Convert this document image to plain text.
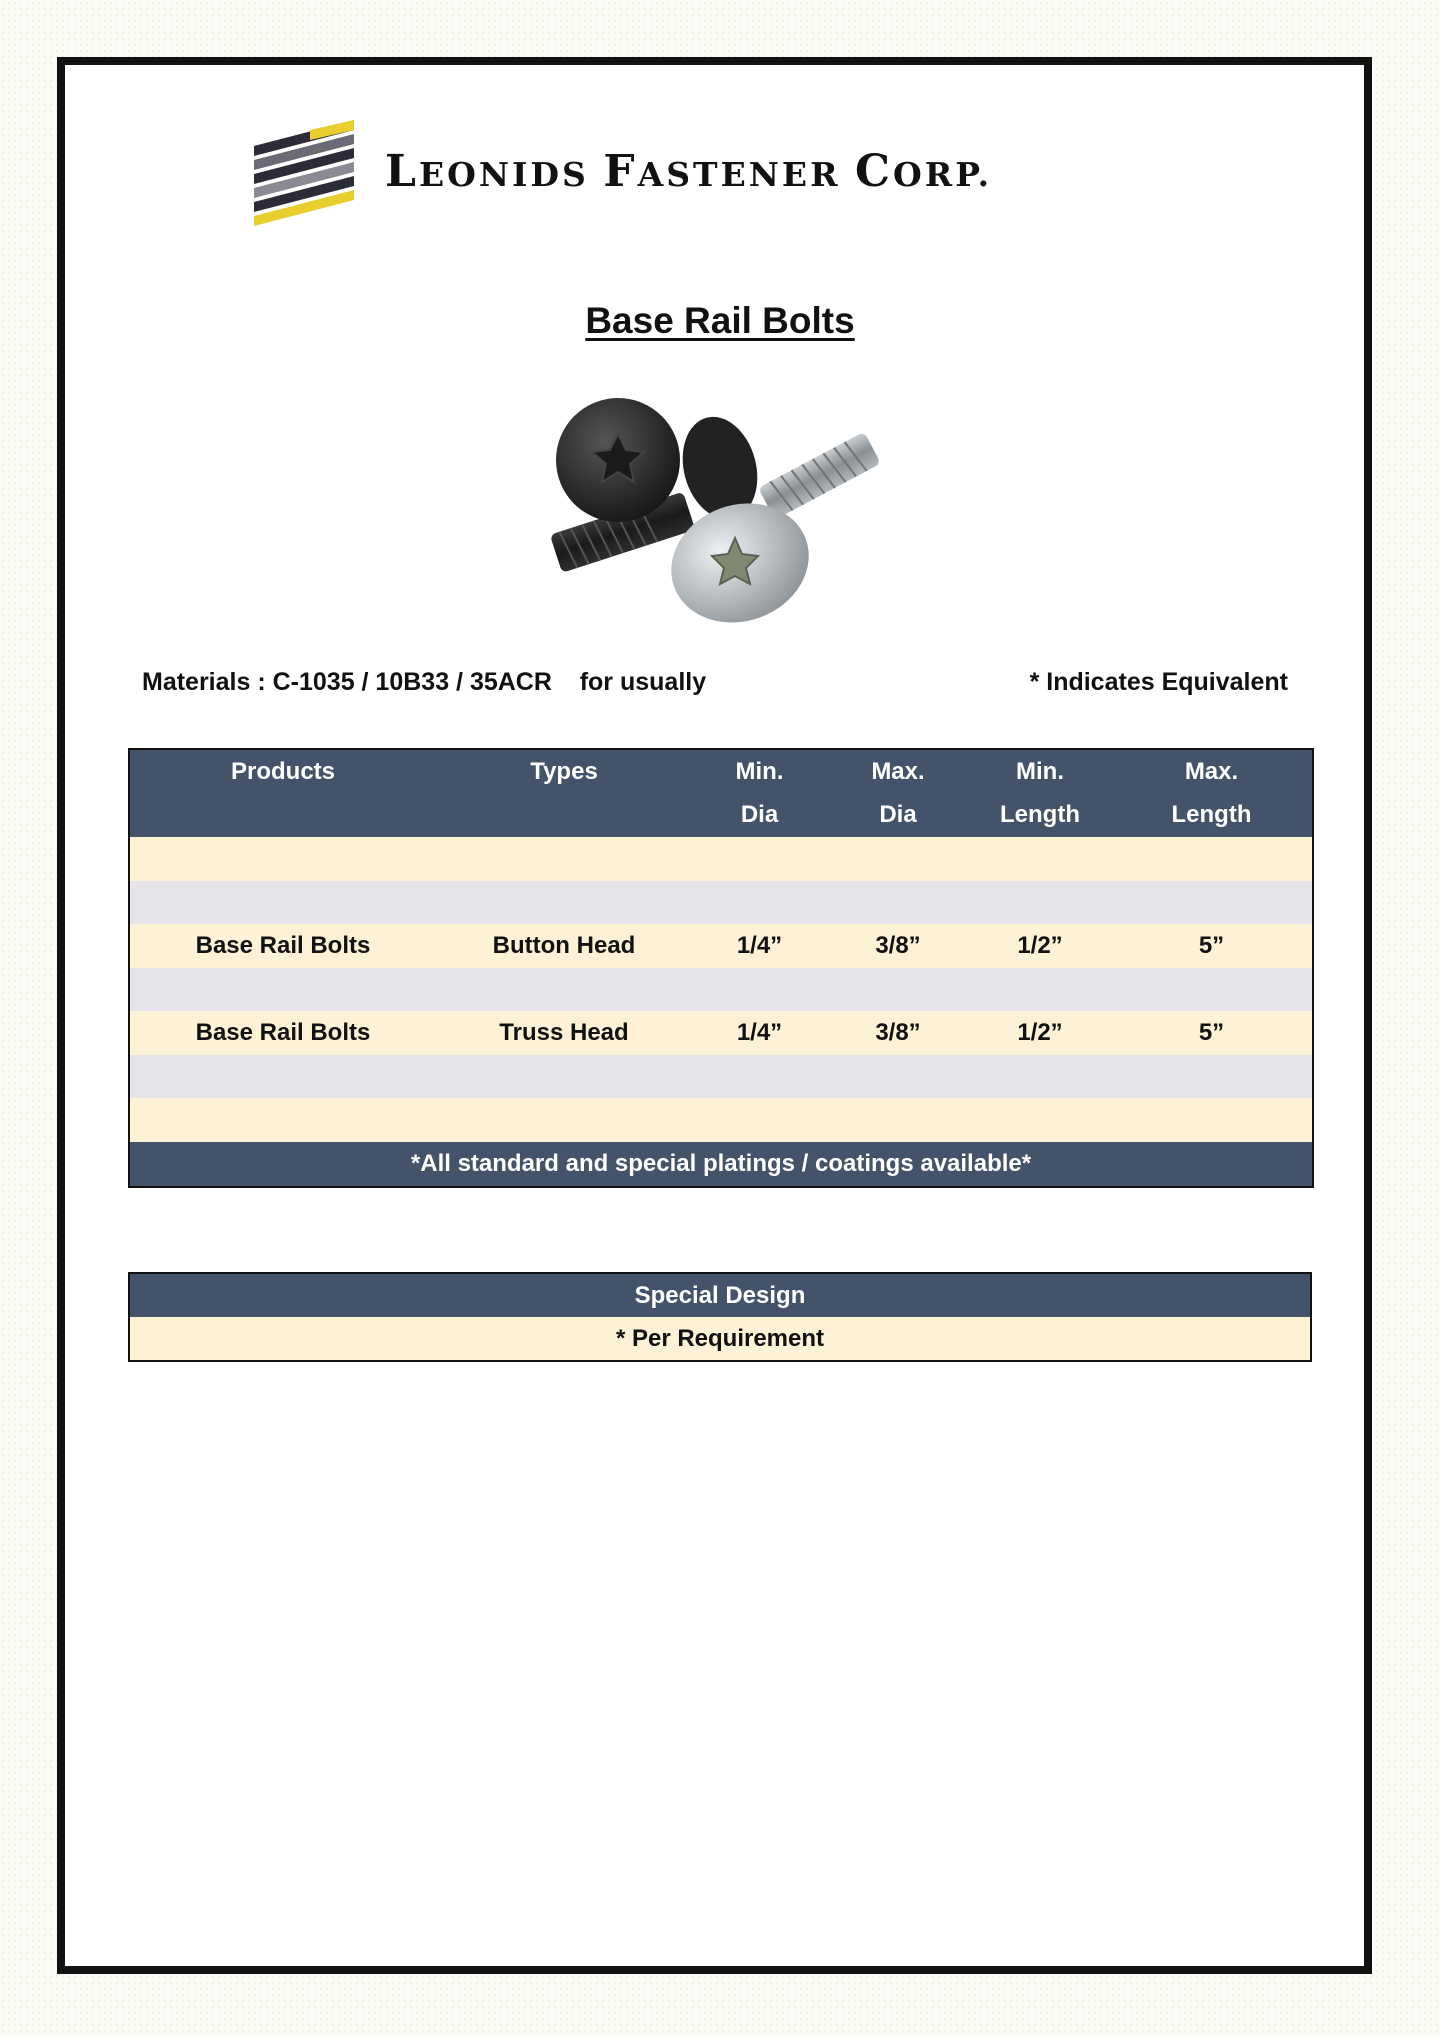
LEONIDS FASTENER CORP.
Base Rail Bolts
Materials : C-1035 / 10B33 / 35ACR    for usually	* Indicates Equivalent
Products	Types	Min.	Max.	Min.	Max.
		Dia	Dia	Length	Length

Base Rail Bolts	Button Head	1/4”	3/8”	1/2”	5”

Base Rail Bolts	Truss Head	1/4”	3/8”	1/2”	5”

*All standard and special platings / coatings available*					
Special Design
* Per Requirement
